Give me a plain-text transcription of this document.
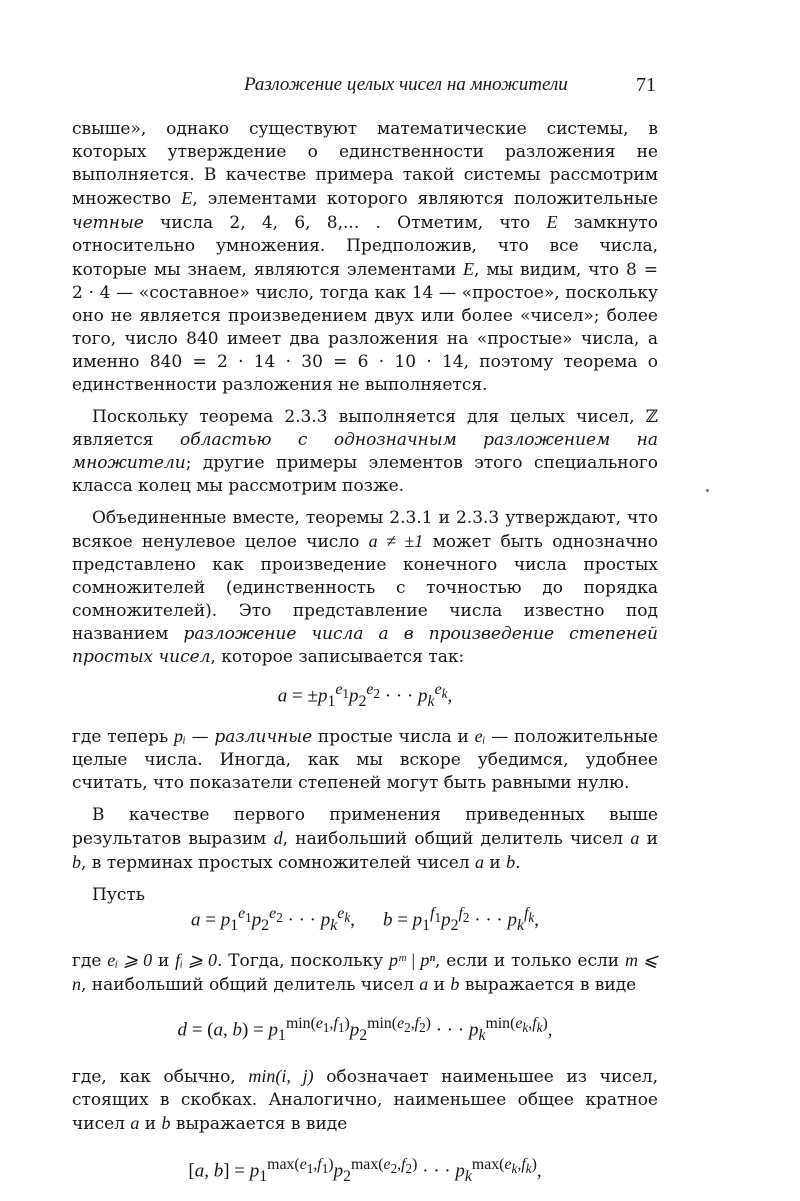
Разложение целых чисел на множители	71

свыше», однако существуют математические системы, в которых утверждение о единственности разложения не выполняется. В качестве примера такой системы рассмотрим множество E, элементами которого являются положительные четные числа 2, 4, 6, 8,... . Отметим, что E замкнуто относительно умножения. Предположив, что все числа, которые мы знаем, являются элементами E, мы видим, что 8 = 2 · 4 — «составное» число, тогда как 14 — «простое», поскольку оно не является произведением двух или более «чисел»; более того, число 840 имеет два разложения на «простые» числа, а именно 840 = 2 · 14 · 30 = 6 · 10 · 14, поэтому теорема о единственности разложения не выполняется.

Поскольку теорема 2.3.3 выполняется для целых чисел, ℤ является областью с однозначным разложением на множители; другие примеры элементов этого специального класса колец мы рассмотрим позже.

Объединенные вместе, теоремы 2.3.1 и 2.3.3 утверждают, что всякое ненулевое целое число a ≠ ±1 может быть однозначно представлено как произведение конечного числа простых сомножителей (единственность с точностью до порядка сомножителей). Это представление числа известно под названием разложение числа a в произведение степеней простых чисел, которое записывается так:

$a = \pm p_1^{e_1}p_2^{e_2}$ · · · $p_k^{e_k}$,

где теперь pᵢ — различные простые числа и eᵢ — положительные целые числа. Иногда, как мы вскоре убедимся, удобнее считать, что показатели степеней могут быть равными нулю.

В качестве первого применения приведенных выше результатов выразим d, наибольший общий делитель чисел a и b, в терминах простых сомножителей чисел a и b.

Пусть

$a = p_1^{e_1}p_2^{e_2}$ · · · $p_k^{e_k}$, $b = p_1^{f_1}p_2^{f_2}$ · · · $p_k^{f_k}$,

где eᵢ ⩾ 0 и fᵢ ⩾ 0. Тогда, поскольку pᵐ | pⁿ, если и только если m ⩽ n, наибольший общий делитель чисел a и b выражается в виде

d = (a, $b) = p_1^{min(e_1,f_1)}p_2^{min(e_2,f_2)}$ · · · $p_k^{min(e_k,f_k)}$,

где, как обычно, min(i, j) обозначает наименьшее из чисел, стоящих в скобках. Аналогично, наименьшее общее кратное чисел a и b выражается в виде

[a, $b] = p_1^{max(e_1,f_1)}p_2^{max(e_2,f_2)}$ · · · $p_k^{max(e_k,f_k)}$,
